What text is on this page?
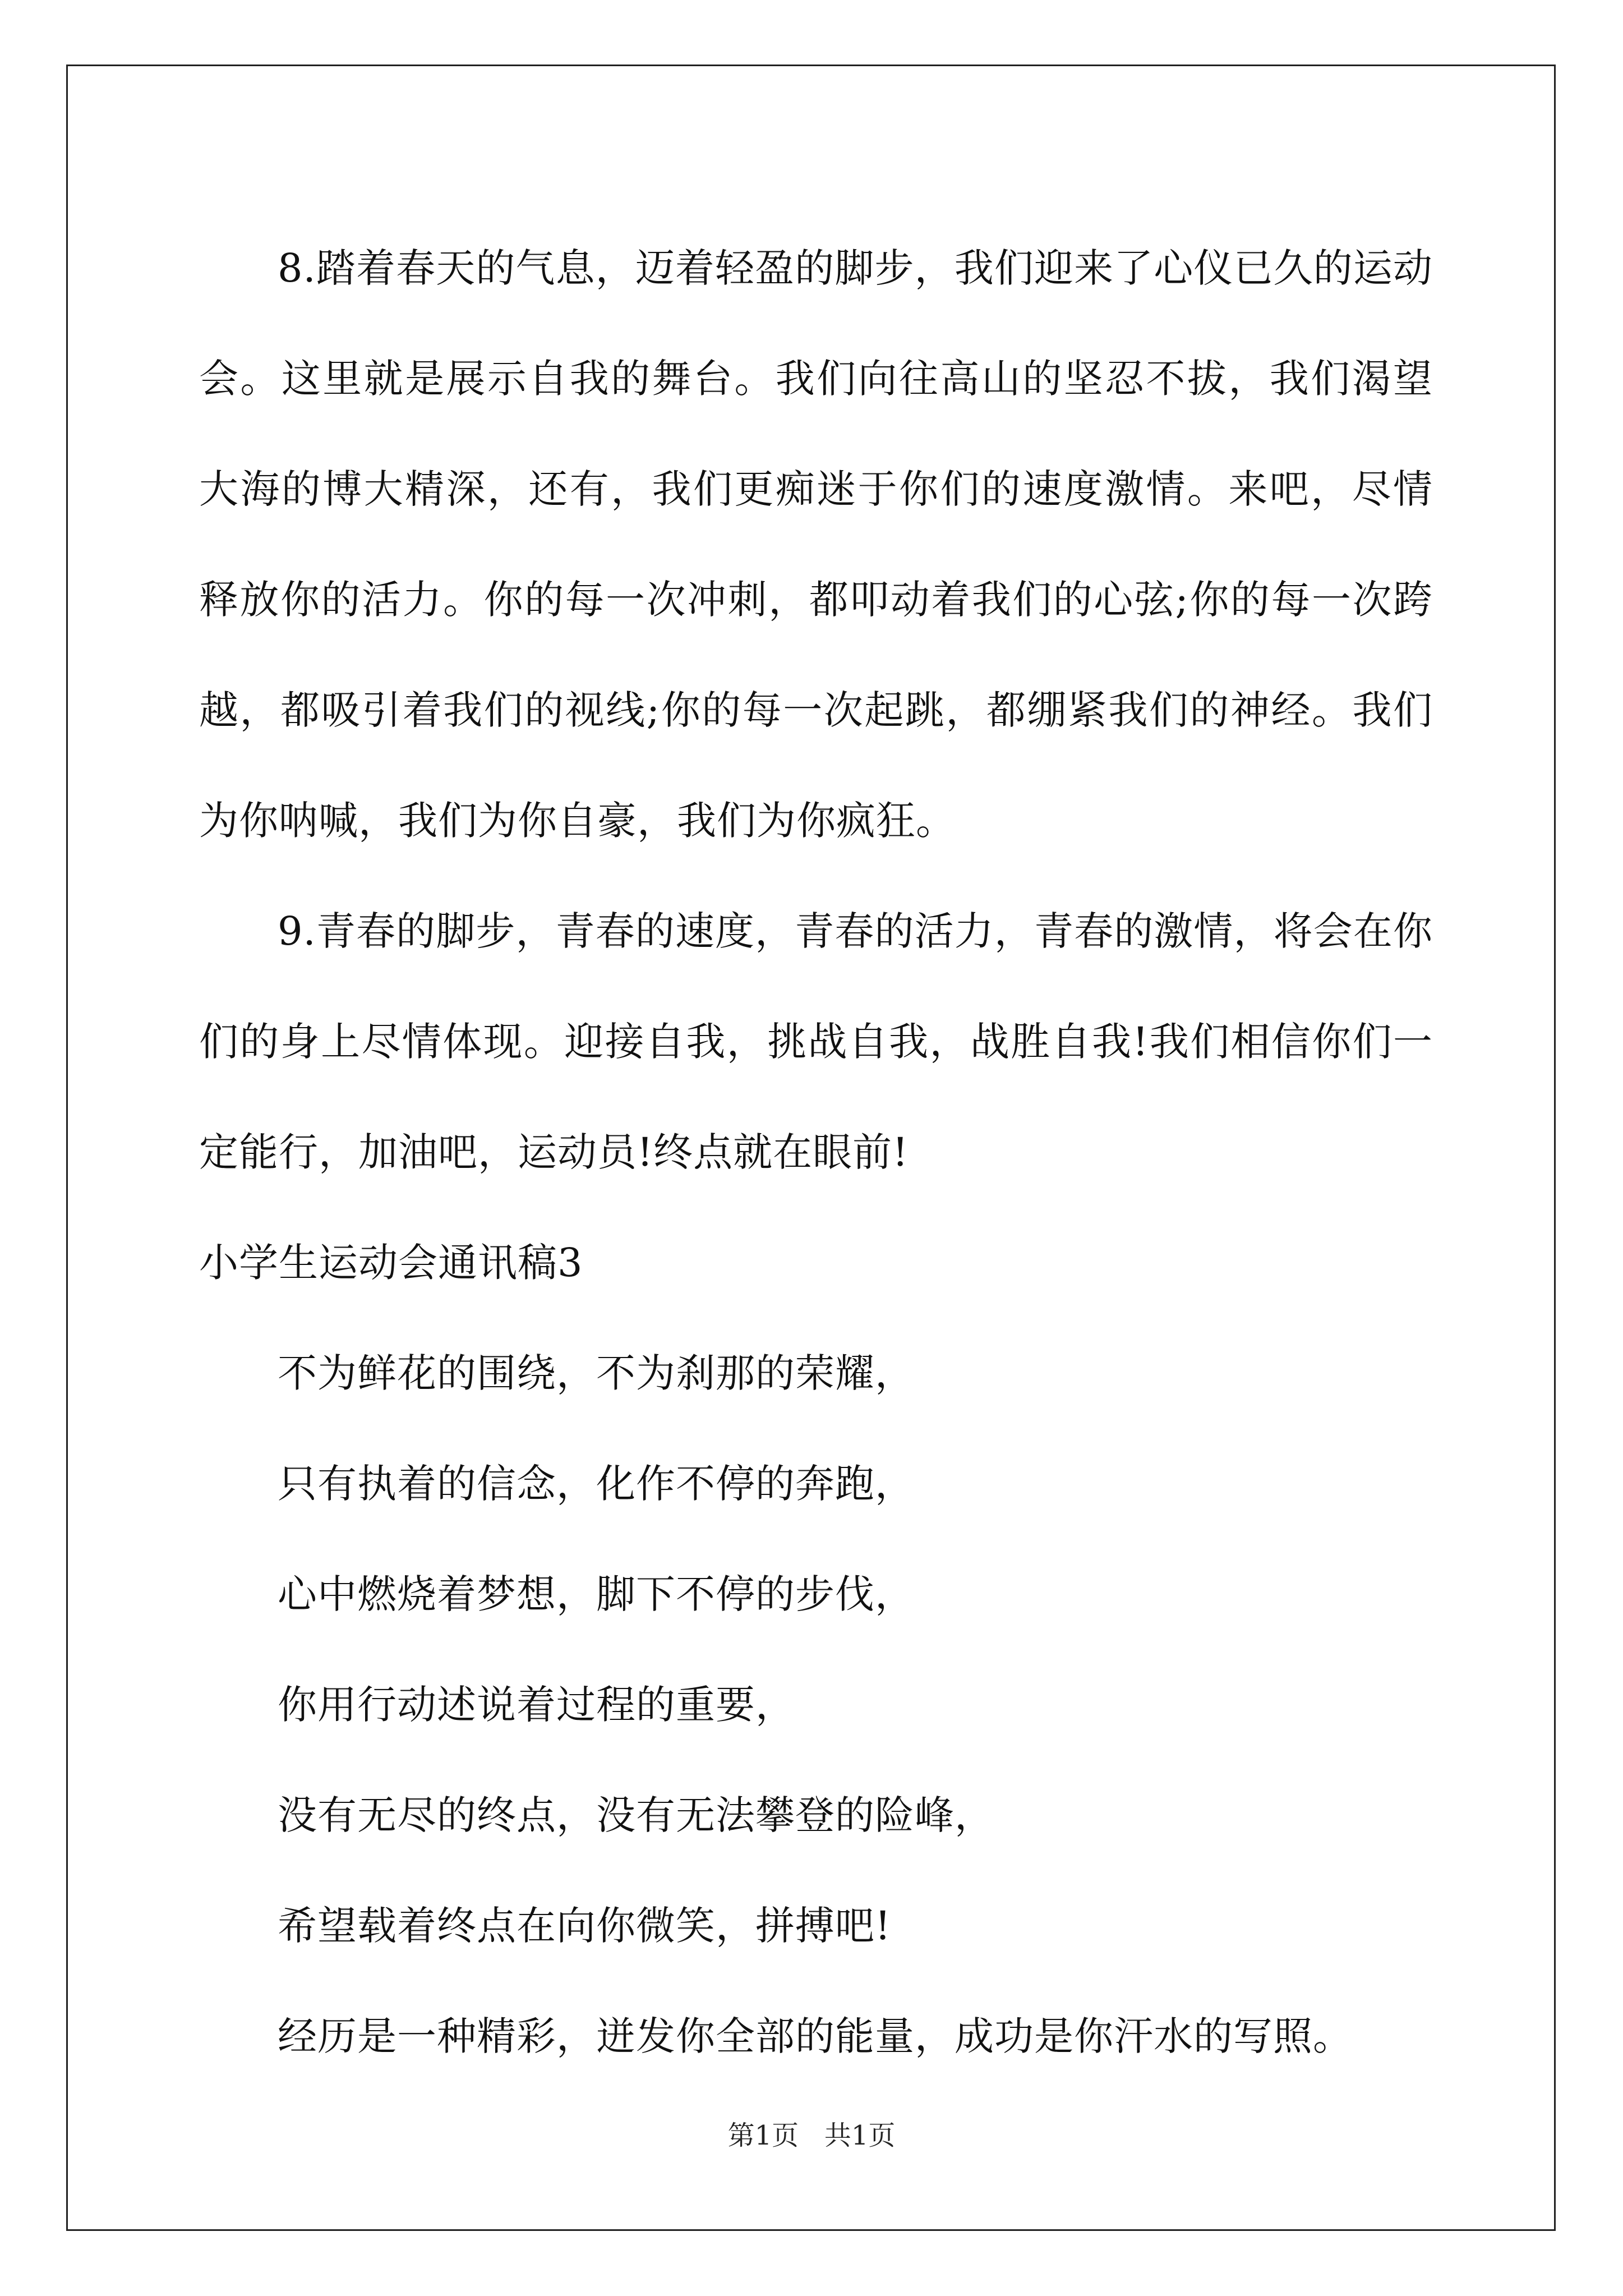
8.踏着春天的气息，迈着轻盈的脚步，我们迎来了心仪已久的运动会。这里就是展示自我的舞台。我们向往高山的坚忍不拔，我们渴望大海的博大精深，还有，我们更痴迷于你们的速度激情。来吧，尽情释放你的活力。你的每一次冲刺，都叩动着我们的心弦;你的每一次跨越，都吸引着我们的视线;你的每一次起跳，都绷紧我们的神经。我们为你呐喊，我们为你自豪，我们为你疯狂。

9.青春的脚步，青春的速度，青春的活力，青春的激情，将会在你们的身上尽情体现。迎接自我，挑战自我，战胜自我!我们相信你们一定能行，加油吧，运动员!终点就在眼前!

小学生运动会通讯稿3

不为鲜花的围绕，不为刹那的荣耀，

只有执着的信念，化作不停的奔跑，

心中燃烧着梦想，脚下不停的步伐，

你用行动述说着过程的重要，

没有无尽的终点，没有无法攀登的险峰，

希望载着终点在向你微笑，拼搏吧!

经历是一种精彩，迸发你全部的能量，成功是你汗水的写照。

第1页   共1页
